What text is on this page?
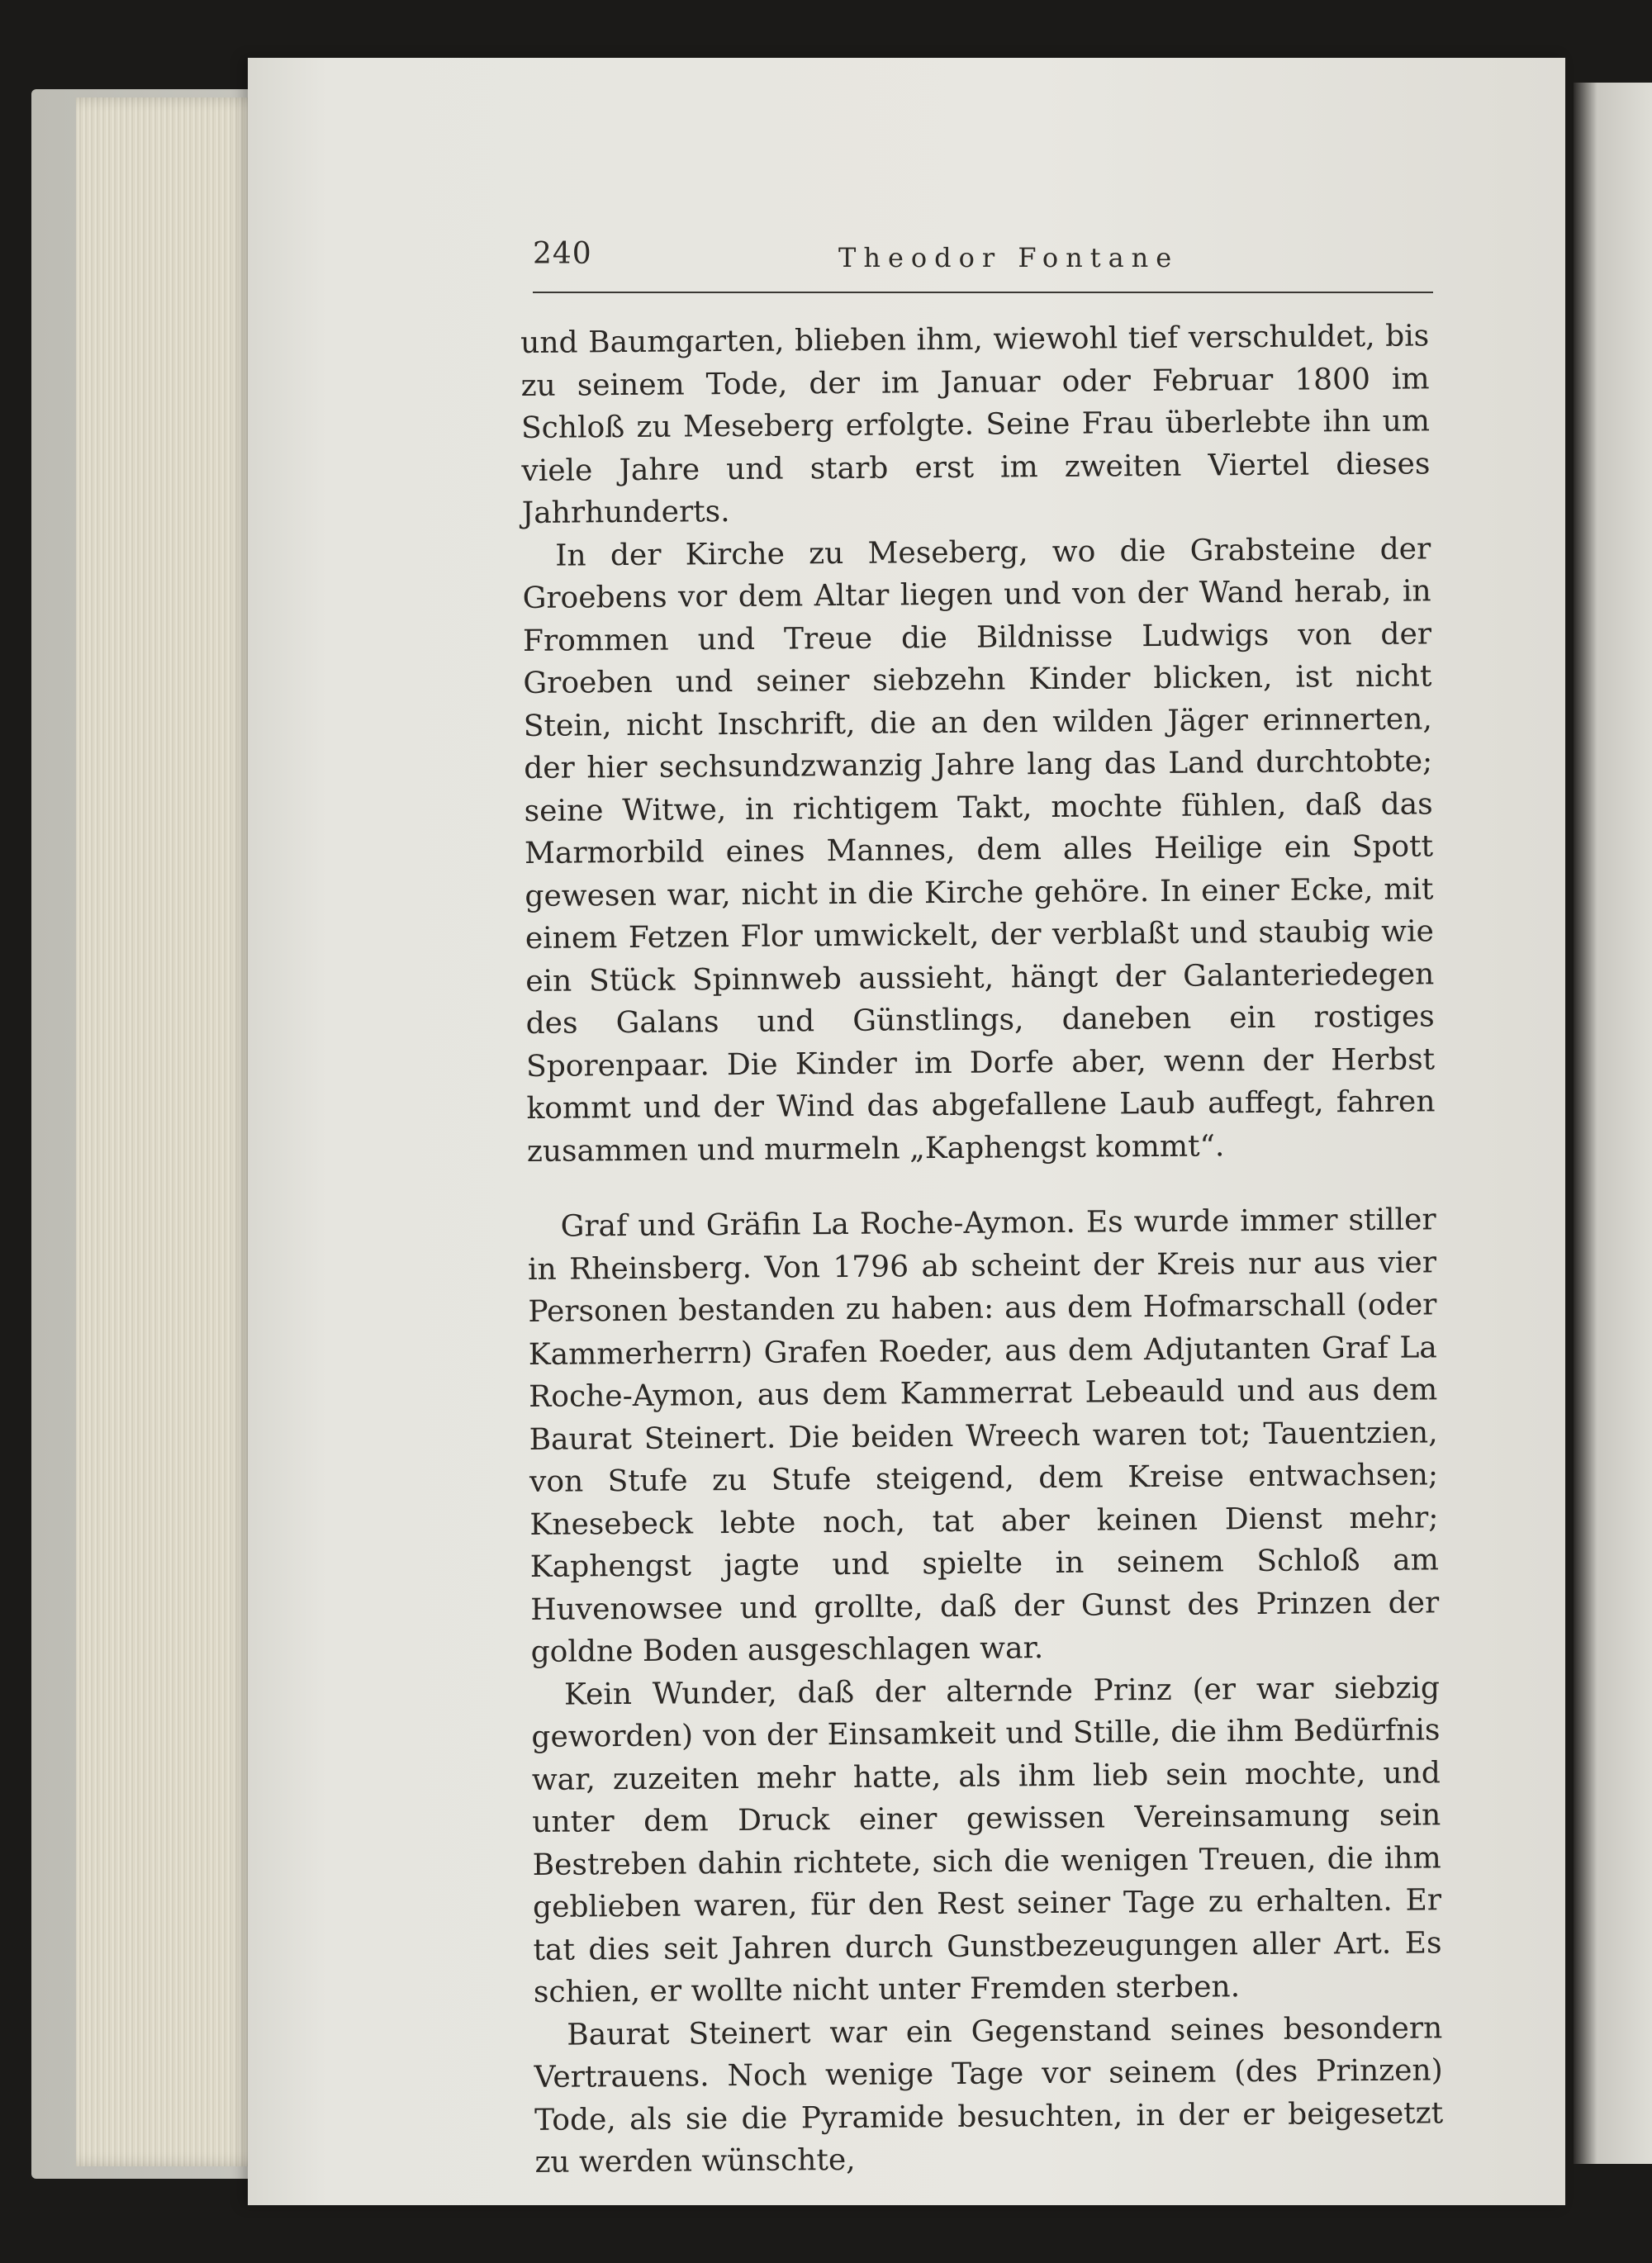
240	Theodor Fontane

und Baumgarten, blieben ihm, wiewohl tief verschuldet, bis zu seinem Tode, der im Januar oder Februar 1800 im Schloß zu Meseberg erfolgte. Seine Frau überlebte ihn um viele Jahre und starb erst im zweiten Viertel dieses Jahrhunderts.

In der Kirche zu Meseberg, wo die Grabsteine der Groebens vor dem Altar liegen und von der Wand herab, in Frommen und Treue die Bildnisse Ludwigs von der Groeben und seiner siebzehn Kinder blicken, ist nicht Stein, nicht Inschrift, die an den wilden Jäger erinnerten, der hier sechsundzwanzig Jahre lang das Land durchtobte; seine Witwe, in richtigem Takt, mochte fühlen, daß das Marmorbild eines Mannes, dem alles Heilige ein Spott gewesen war, nicht in die Kirche gehöre. In einer Ecke, mit einem Fetzen Flor umwickelt, der verblaßt und staubig wie ein Stück Spinnweb aussieht, hängt der Galanteriedegen des Galans und Günstlings, daneben ein rostiges Sporenpaar. Die Kinder im Dorfe aber, wenn der Herbst kommt und der Wind das abgefallene Laub auffegt, fahren zusammen und murmeln „Kaphengst kommt“.

Graf und Gräfin La Roche-Aymon. Es wurde immer stiller in Rheinsberg. Von 1796 ab scheint der Kreis nur aus vier Personen bestanden zu haben: aus dem Hofmarschall (oder Kammerherrn) Grafen Roeder, aus dem Adjutanten Graf La Roche-Aymon, aus dem Kammerrat Lebeauld und aus dem Baurat Steinert. Die beiden Wreech waren tot; Tauentzien, von Stufe zu Stufe steigend, dem Kreise entwachsen; Knesebeck lebte noch, tat aber keinen Dienst mehr; Kaphengst jagte und spielte in seinem Schloß am Huvenowsee und grollte, daß der Gunst des Prinzen der goldne Boden ausgeschlagen war.

Kein Wunder, daß der alternde Prinz (er war siebzig geworden) von der Einsamkeit und Stille, die ihm Bedürfnis war, zuzeiten mehr hatte, als ihm lieb sein mochte, und unter dem Druck einer gewissen Vereinsamung sein Bestreben dahin richtete, sich die wenigen Treuen, die ihm geblieben waren, für den Rest seiner Tage zu erhalten. Er tat dies seit Jahren durch Gunstbezeugungen aller Art. Es schien, er wollte nicht unter Fremden sterben.

Baurat Steinert war ein Gegenstand seines besondern Vertrauens. Noch wenige Tage vor seinem (des Prinzen) Tode, als sie die Pyramide besuchten, in der er beigesetzt zu werden wünschte,
